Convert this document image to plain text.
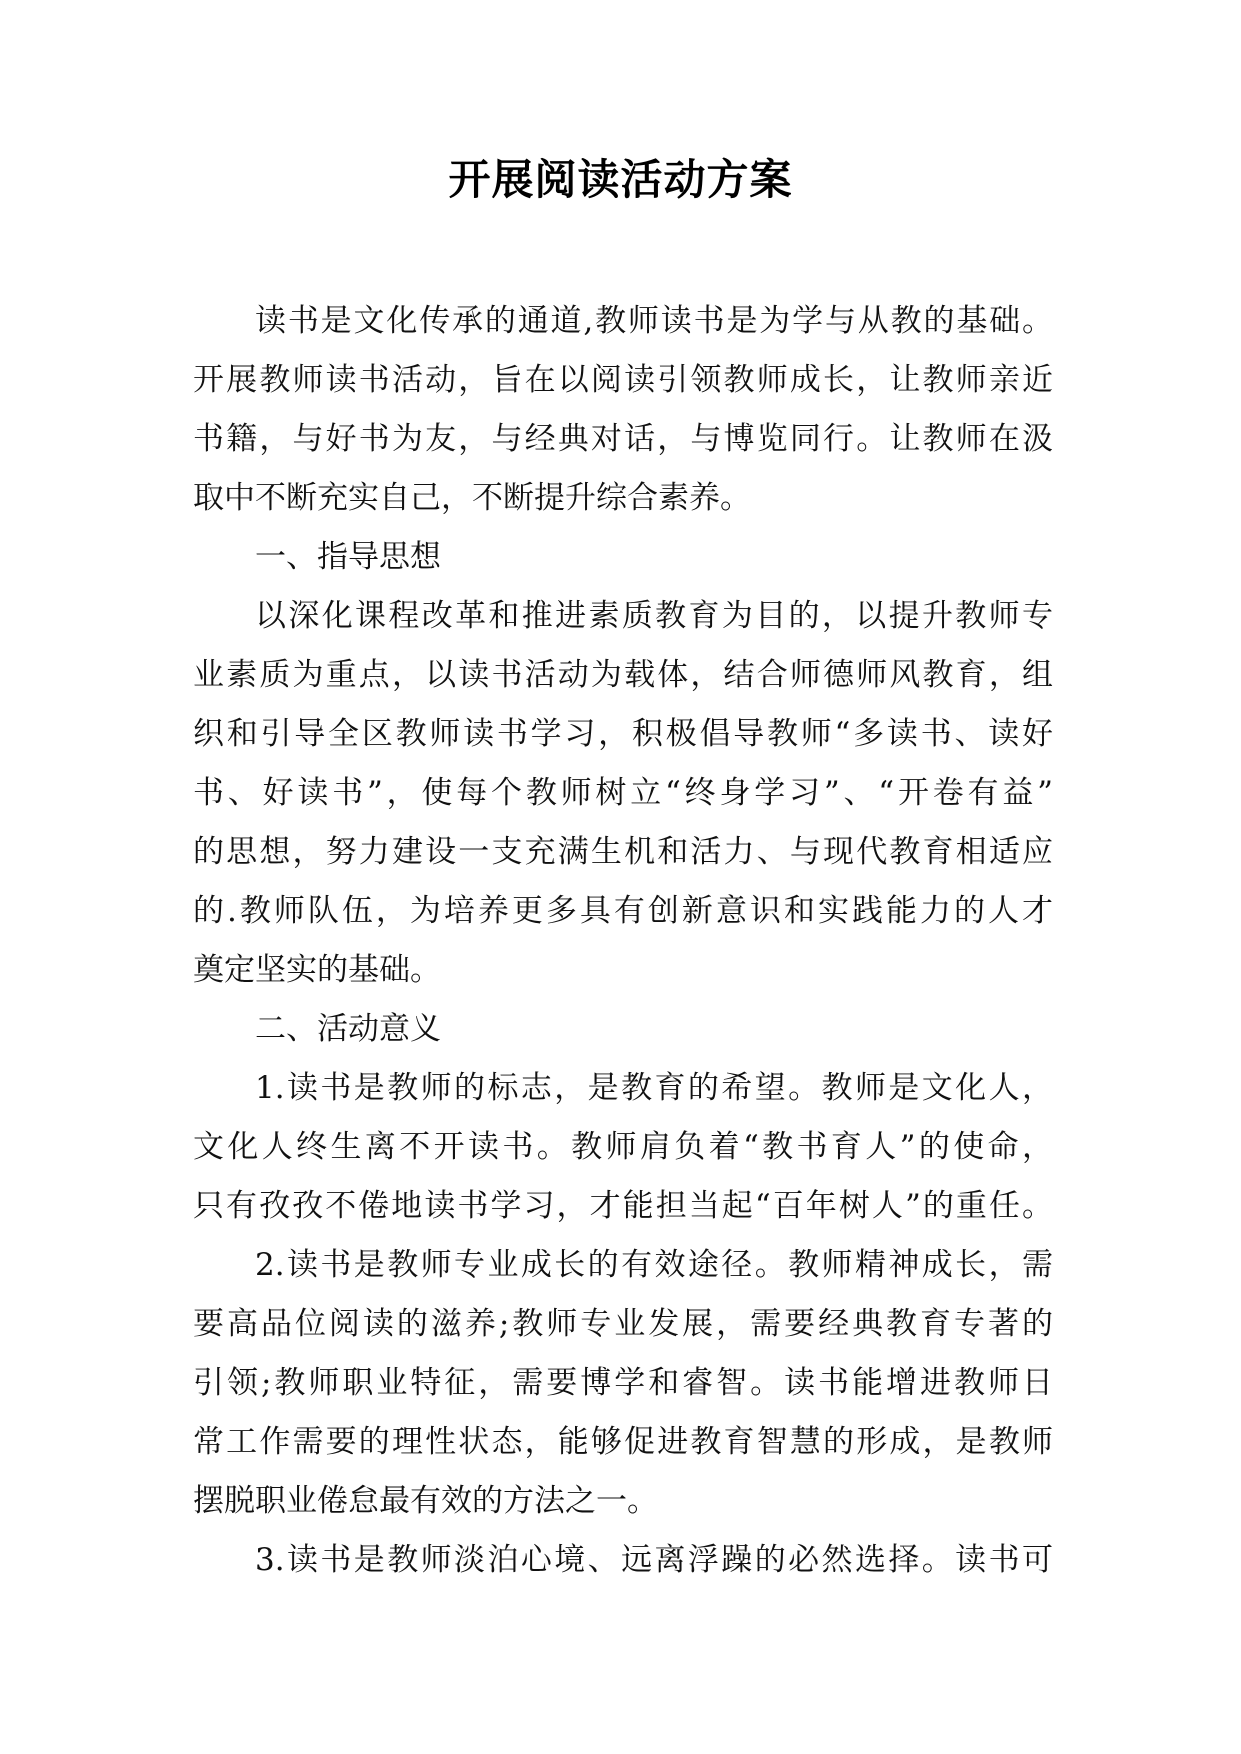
开展阅读活动方案
读书是文化传承的通道,教师读书是为学与从教的基础。
开展教师读书活动，旨在以阅读引领教师成长，让教师亲近
书籍，与好书为友，与经典对话，与博览同行。让教师在汲
取中不断充实自己，不断提升综合素养。
一、指导思想
以深化课程改革和推进素质教育为目的，以提升教师专
业素质为重点，以读书活动为载体，结合师德师风教育，组
织和引导全区教师读书学习，积极倡导教师“多读书、读好
书、好读书”，使每个教师树立“终身学习”、“开卷有益”
的思想，努力建设一支充满生机和活力、与现代教育相适应
的.教师队伍，为培养更多具有创新意识和实践能力的人才
奠定坚实的基础。
二、活动意义
1.读书是教师的标志，是教育的希望。教师是文化人，
文化人终生离不开读书。教师肩负着“教书育人”的使命，
只有孜孜不倦地读书学习，才能担当起“百年树人”的重任。
2.读书是教师专业成长的有效途径。教师精神成长，需
要高品位阅读的滋养;教师专业发展，需要经典教育专著的
引领;教师职业特征，需要博学和睿智。读书能增进教师日
常工作需要的理性状态，能够促进教育智慧的形成，是教师
摆脱职业倦怠最有效的方法之一。
3.读书是教师淡泊心境、远离浮躁的必然选择。读书可
